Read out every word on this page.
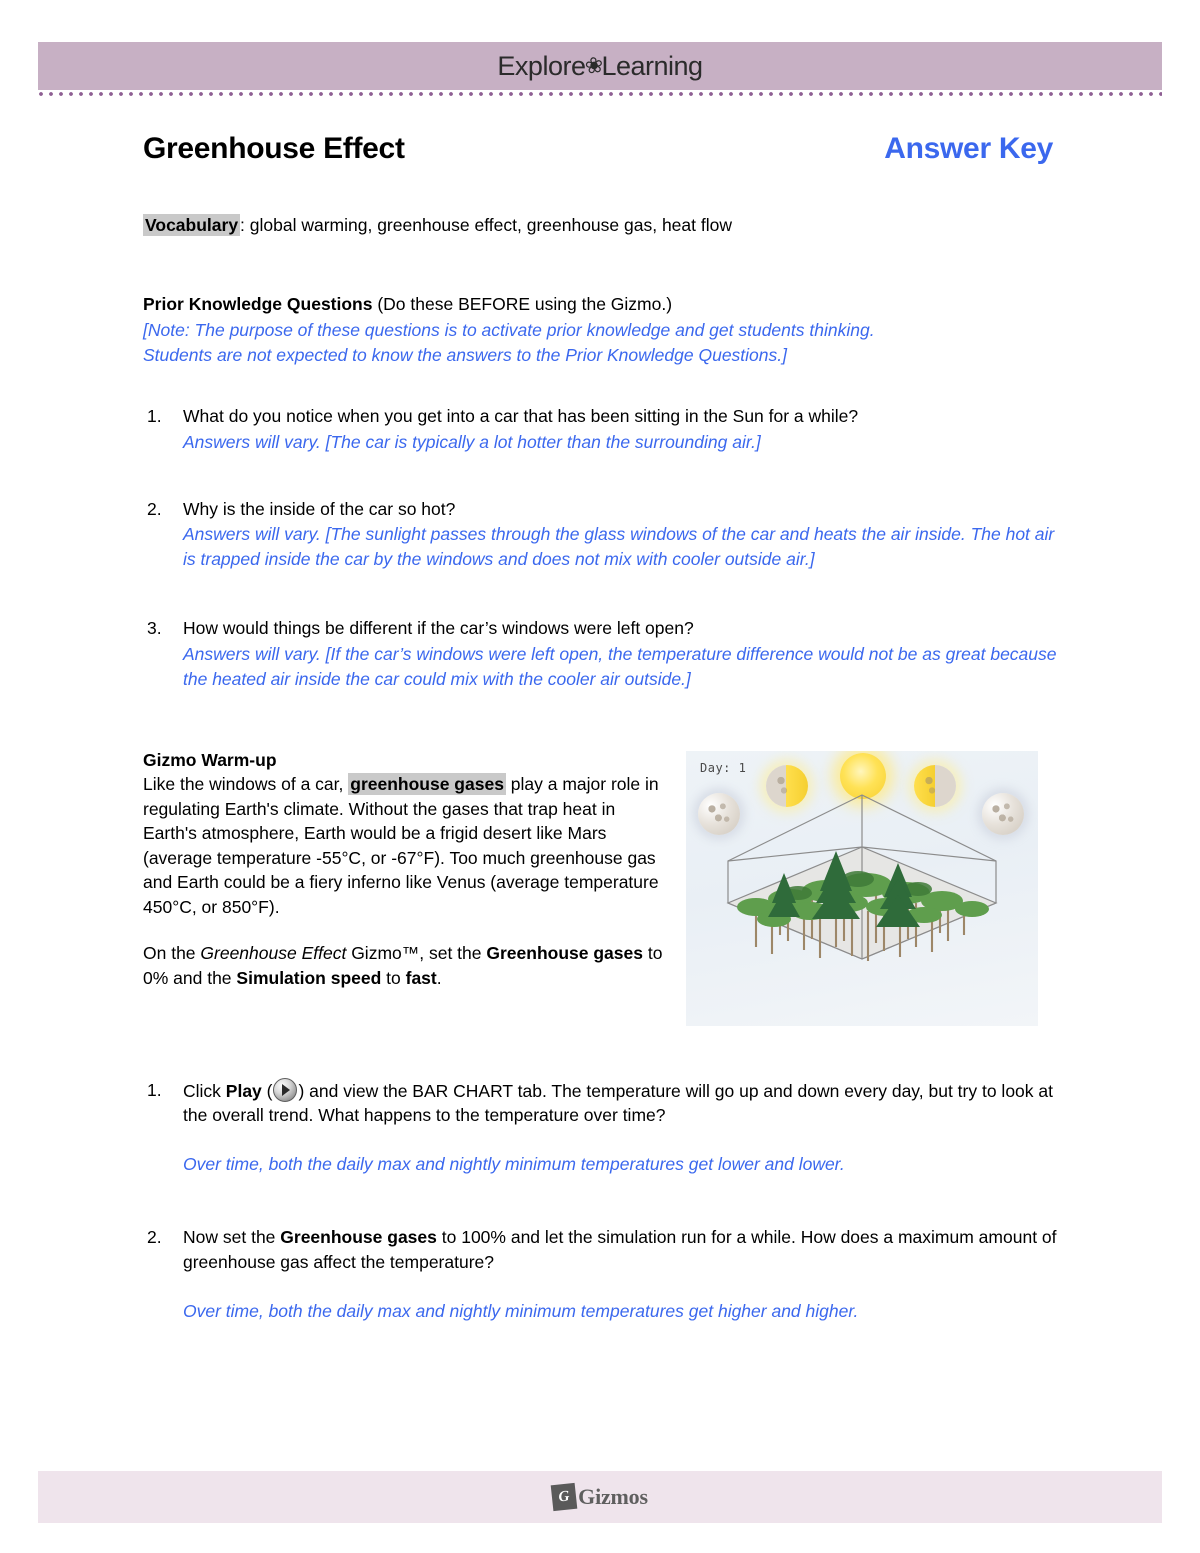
Explore
❀
Learning
Greenhouse Effect	Answer Key
Vocabulary : global warming, greenhouse effect, greenhouse gas, heat flow
Prior Knowledge Questions (Do these BEFORE using the Gizmo.)
[Note: The purpose of these questions is to activate prior knowledge and get students thinking.
Students are not expected to know the answers to the Prior Knowledge Questions.]
1.	What do you notice when you get into a car that has been sitting in the Sun for a while?
Answers will vary. [The car is typically a lot hotter than the surrounding air.]
2.	Why is the inside of the car so hot?
Answers will vary. [The sunlight passes through the glass windows of the car and heats the air inside. The hot air is trapped inside the car by the windows and does not mix with cooler outside air.]
3.	How would things be different if the car’s windows were left open?
Answers will vary. [If the car’s windows were left open, the temperature difference would not be as great because the heated air inside the car could mix with the cooler air outside.]
Gizmo Warm-up
Like the windows of a car, greenhouse gases play a major role in regulating Earth's climate. Without the gases that trap heat in Earth's atmosphere, Earth would be a frigid desert like Mars (average temperature -55°C, or -67°F). Too much greenhouse gas and Earth could be a fiery inferno like Venus (average temperature 450°C, or 850°F).
On the Greenhouse Effect Gizmo™, set the Greenhouse gases to 0% and the Simulation speed to fast.
Day: 1
1.	Click Play ( ) and view the BAR CHART tab. The temperature will go up and down every day, but try to look at the overall trend. What happens to the temperature over time?
Over time, both the daily max and nightly minimum temperatures get lower and lower.
2.	Now set the Greenhouse gases to 100% and let the simulation run for a while. How does a maximum amount of greenhouse gas affect the temperature?
Over time, both the daily max and nightly minimum temperatures get higher and higher.
G Gizmos
